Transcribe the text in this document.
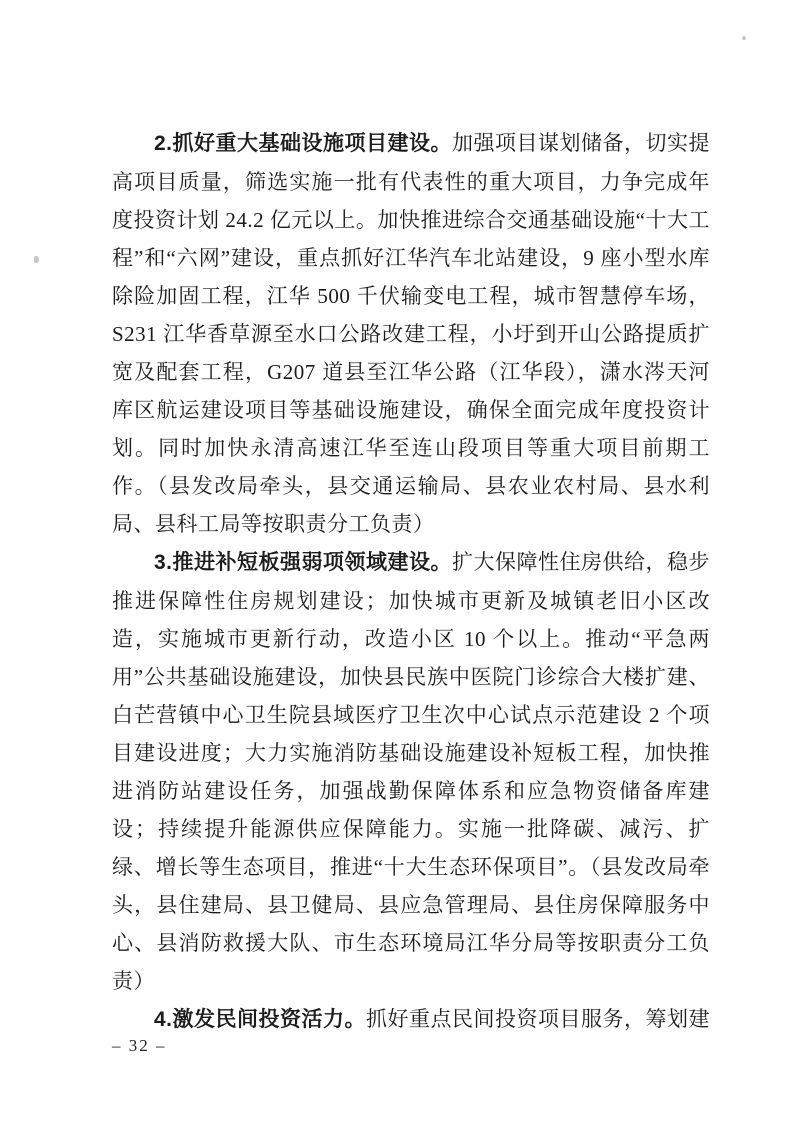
2.抓好重大基础设施项目建设。加强项目谋划储备，切实提高项目质量，筛选实施一批有代表性的重大项目，力争完成年度投资计划 24.2 亿元以上。加快推进综合交通基础设施“十大工程”和“六网”建设，重点抓好江华汽车北站建设，9 座小型水库除险加固工程，江华 500 千伏输变电工程，城市智慧停车场，S231 江华香草源至水口公路改建工程，小圩到开山公路提质扩宽及配套工程，G207 道县至江华公路（江华段），潇水涔天河库区航运建设项目等基础设施建设，确保全面完成年度投资计划。同时加快永清高速江华至连山段项目等重大项目前期工作。（县发改局牵头，县交通运输局、县农业农村局、县水利局、县科工局等按职责分工负责）

3.推进补短板强弱项领域建设。扩大保障性住房供给，稳步推进保障性住房规划建设；加快城市更新及城镇老旧小区改造，实施城市更新行动，改造小区 10 个以上。推动“平急两用”公共基础设施建设，加快县民族中医院门诊综合大楼扩建、白芒营镇中心卫生院县域医疗卫生次中心试点示范建设 2 个项目建设进度；大力实施消防基础设施建设补短板工程，加快推进消防站建设任务，加强战勤保障体系和应急物资储备库建设；持续提升能源供应保障能力。实施一批降碳、减污、扩绿、增长等生态项目，推进“十大生态环保项目”。（县发改局牵头，县住建局、县卫健局、县应急管理局、县住房保障服务中心、县消防救援大队、市生态环境局江华分局等按职责分工负责）

4.激发民间投资活力。抓好重点民间投资项目服务，筹划建

– 32 –
